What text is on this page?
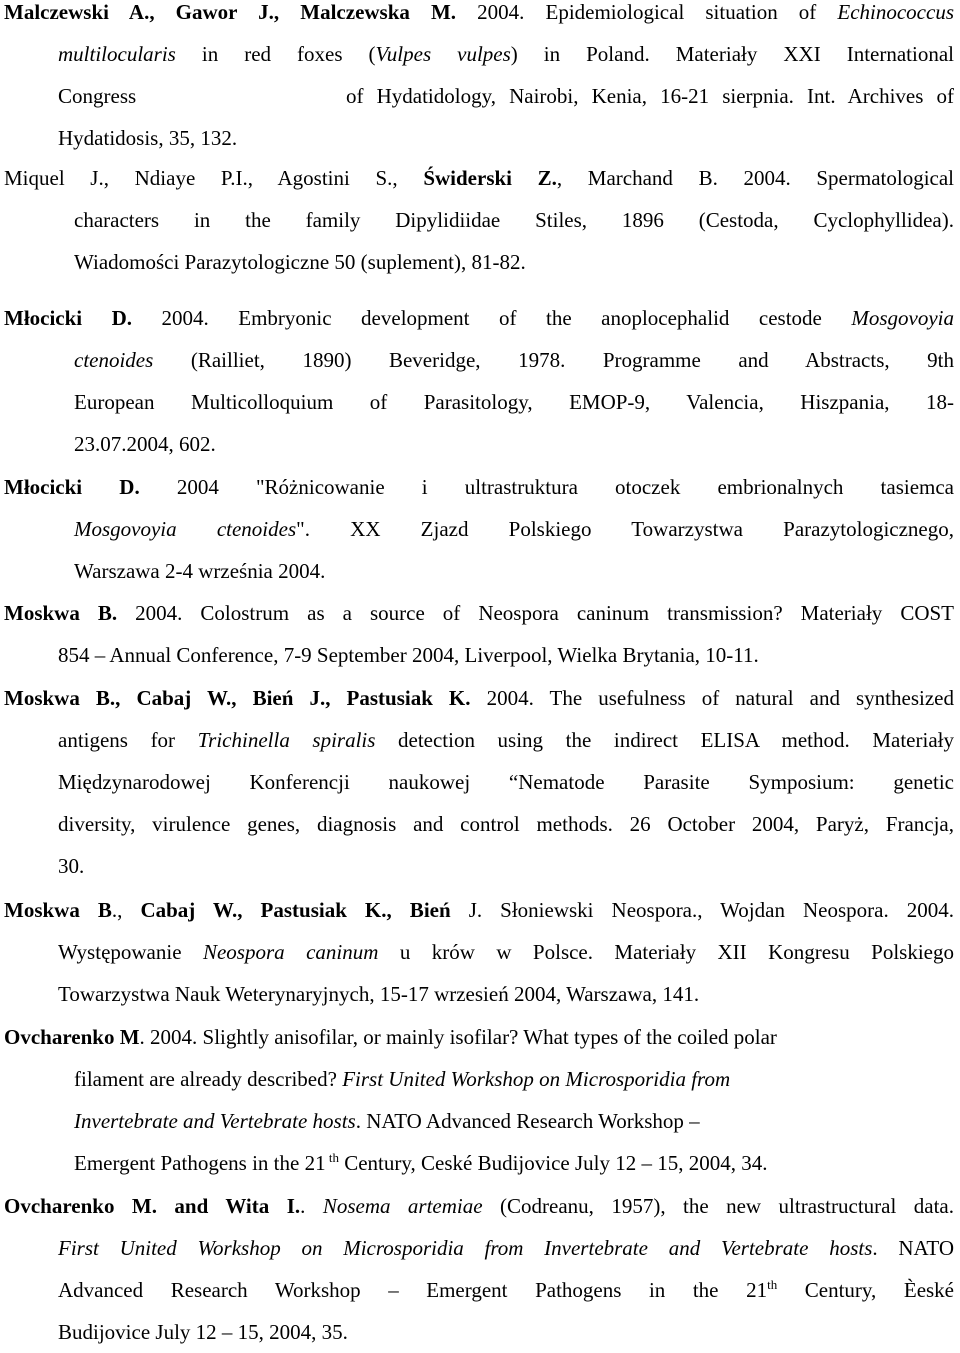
Malczewski A., Gawor J., Malczewska M. 2004. Epidemiological situation of Echinococcus
multilocularis in red foxes (Vulpes vulpes) in Poland. Materiały XXI International
Congress                of Hydatidology, Nairobi, Kenia, 16-21 sierpnia. Int. Archives of
Hydatidosis, 35, 132.
Miquel J., Ndiaye P.I., Agostini S., Świderski Z., Marchand B. 2004. Spermatological
characters in the family Dipylidiidae Stiles, 1896 (Cestoda, Cyclophyllidea).
Wiadomości Parazytologiczne 50 (suplement), 81-82.
Młocicki D. 2004. Embryonic development of the anoplocephalid cestode Mosgovoyia
ctenoides (Railliet, 1890) Beveridge, 1978. Programme and Abstracts, 9th
European Multicolloquium of Parasitology, EMOP-9, Valencia, Hiszpania, 18-
23.07.2004, 602.
Młocicki D. 2004 "Różnicowanie i ultrastruktura otoczek embrionalnych tasiemca
Mosgovoyia ctenoides". XX Zjazd Polskiego Towarzystwa Parazytologicznego,
Warszawa 2-4 września 2004.
Moskwa B. 2004. Colostrum as a source of Neospora caninum transmission? Materiały COST
854 – Annual Conference, 7-9 September 2004, Liverpool, Wielka Brytania, 10-11.
Moskwa B., Cabaj W., Bień J., Pastusiak K. 2004. The usefulness of natural and synthesized
antigens for Trichinella spiralis detection using the indirect ELISA method. Materiały
Międzynarodowej Konferencji naukowej “Nematode Parasite Symposium: genetic
diversity, virulence genes, diagnosis and control methods. 26 October 2004, Paryż, Francja,
30.
Moskwa B., Cabaj W., Pastusiak K., Bień J. Słoniewski Neospora., Wojdan Neospora. 2004.
Występowanie Neospora caninum u krów w Polsce. Materiały XII Kongresu Polskiego
Towarzystwa Nauk Weterynaryjnych, 15-17 wrzesień 2004, Warszawa, 141.
Ovcharenko M. 2004. Slightly anisofilar, or mainly isofilar? What types of the coiled polar
filament are already described? First United Workshop on Microsporidia from
Invertebrate and Vertebrate hosts. NATO Advanced Research Workshop –
Emergent Pathogens in the 21 $^{th}$ Century, Ceské Budijovice July 12 – 15, 2004, 34.
Ovcharenko M. and Wita I.. Nosema artemiae (Codreanu, 1957), the new ultrastructural data.
First United Workshop on Microsporidia from Invertebrate and Vertebrate hosts. NATO
Advanced Research Workshop – Emergent Pathogens in the 21th Century, Èeské
Budijovice July 12 – 15, 2004, 35.
